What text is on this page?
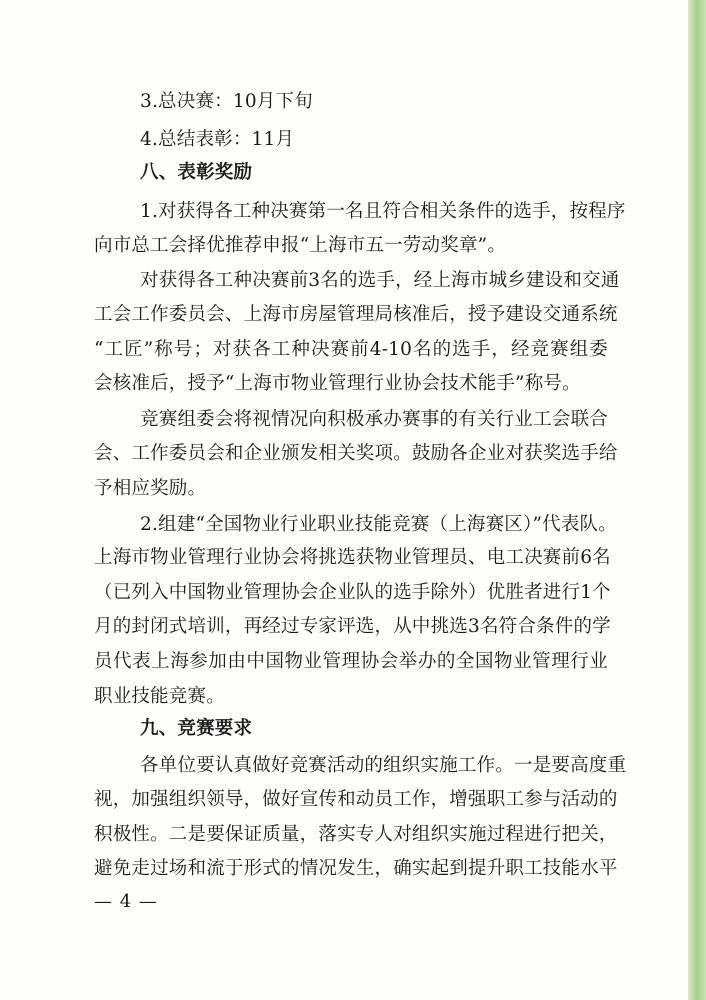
3.总决赛：10月下旬
4.总结表彰：11月
八、表彰奖励
1.对获得各工种决赛第一名且符合相关条件的选手，按程序
向市总工会择优推荐申报“上海市五一劳动奖章”。
对获得各工种决赛前3名的选手，经上海市城乡建设和交通
工会工作委员会、上海市房屋管理局核准后，授予建设交通系统
“工匠”称号；对获各工种决赛前4-10名的选手，经竞赛组委
会核准后，授予“上海市物业管理行业协会技术能手”称号。
竞赛组委会将视情况向积极承办赛事的有关行业工会联合
会、工作委员会和企业颁发相关奖项。鼓励各企业对获奖选手给
予相应奖励。
2.组建“全国物业行业职业技能竞赛（上海赛区）”代表队。
上海市物业管理行业协会将挑选获物业管理员、电工决赛前6名
（已列入中国物业管理协会企业队的选手除外）优胜者进行1个
月的封闭式培训，再经过专家评选，从中挑选3名符合条件的学
员代表上海参加由中国物业管理协会举办的全国物业管理行业
职业技能竞赛。
九、竞赛要求
各单位要认真做好竞赛活动的组织实施工作。一是要高度重
视，加强组织领导，做好宣传和动员工作，增强职工参与活动的
积极性。二是要保证质量，落实专人对组织实施过程进行把关，
避免走过场和流于形式的情况发生，确实起到提升职工技能水平
— 4 —
